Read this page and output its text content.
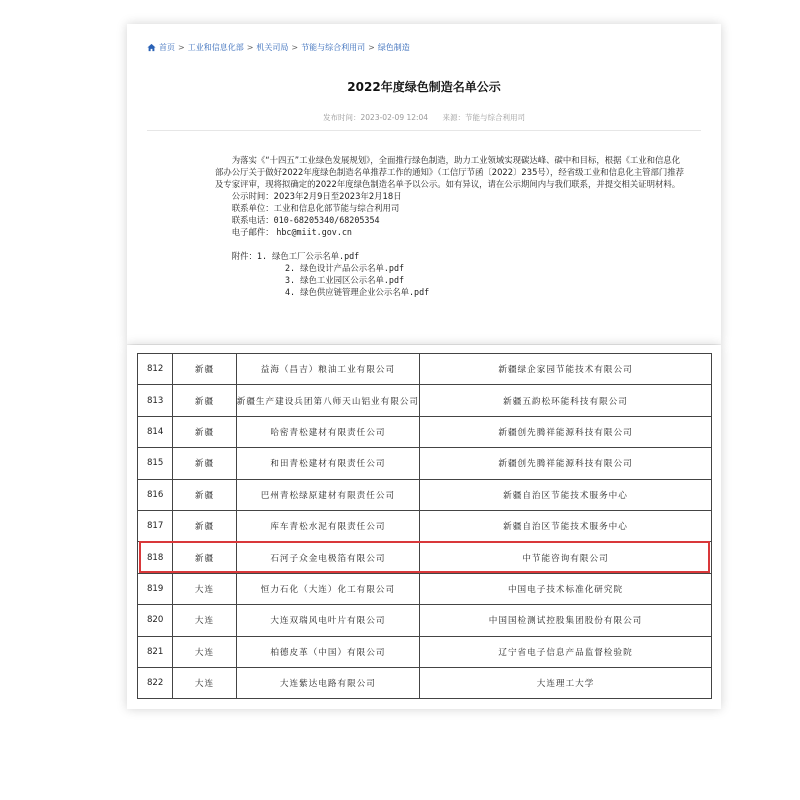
首页 > 工业和信息化部 > 机关司局 > 节能与综合利用司 > 绿色制造
2022年度绿色制造名单公示
发布时间：2023-02-09 12:04 来源：节能与综合利用司

为落实《“十四五”工业绿色发展规划》，全面推行绿色制造，助力工业领域实现碳达峰、碳中和目标，根据《工业和信息化部办公厅关于做好2022年度绿色制造名单推荐工作的通知》（工信厅节函〔2022〕235号），经省级工业和信息化主管部门推荐及专家评审，现将拟确定的2022年度绿色制造名单予以公示。如有异议，请在公示期间内与我们联系，并提交相关证明材料。

公示时间：2023年2月9日至2023年2月18日

联系单位：工业和信息化部节能与综合利用司

联系电话：010-68205340/68205354

电子邮件： hbc@miit.gov.cn

附件：1. 绿色工厂公示名单.pdf

2. 绿色设计产品公示名单.pdf

3. 绿色工业园区公示名单.pdf

4. 绿色供应链管理企业公示名单.pdf

812	新疆	益海（昌吉）粮油工业有限公司	新疆绿企家园节能技术有限公司
813	新疆	新疆生产建设兵团第八师天山铝业有限公司	新疆五韵松环能科技有限公司
814	新疆	哈密青松建材有限责任公司	新疆创先腾祥能源科技有限公司
815	新疆	和田青松建材有限责任公司	新疆创先腾祥能源科技有限公司
816	新疆	巴州青松绿原建材有限责任公司	新疆自治区节能技术服务中心
817	新疆	库车青松水泥有限责任公司	新疆自治区节能技术服务中心
818	新疆	石河子众金电极箔有限公司	中节能咨询有限公司
819	大连	恒力石化（大连）化工有限公司	中国电子技术标准化研究院
820	大连	大连双瑞风电叶片有限公司	中国国检测试控股集团股份有限公司
821	大连	柏德皮革（中国）有限公司	辽宁省电子信息产品监督检验院
822	大连	大连紫达电路有限公司	大连理工大学
